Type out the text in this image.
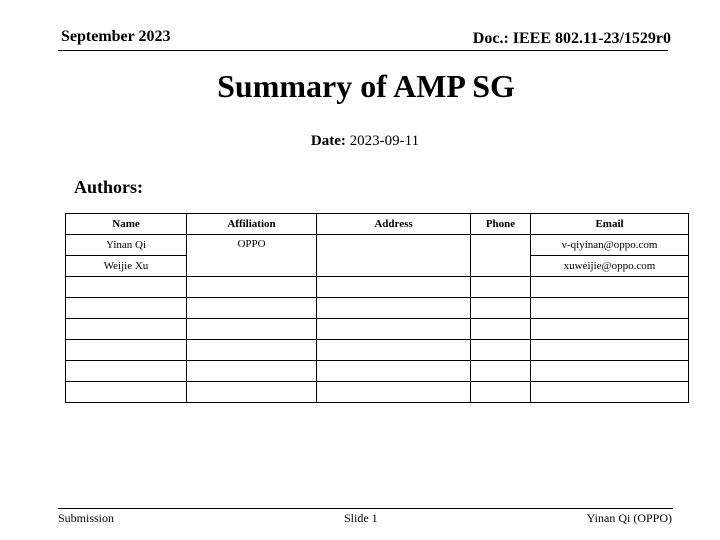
September 2023	Doc.: IEEE 802.11-23/1529r0
Summary of AMP SG
Date: 2023-09-11
Authors:
Name	Affiliation	Address	Phone	Email
Yinan Qi	OPPO			v-qiyinan@oppo.com
Weijie Xu				xuweijie@oppo.com

Submission	Slide 1	Yinan Qi (OPPO)
